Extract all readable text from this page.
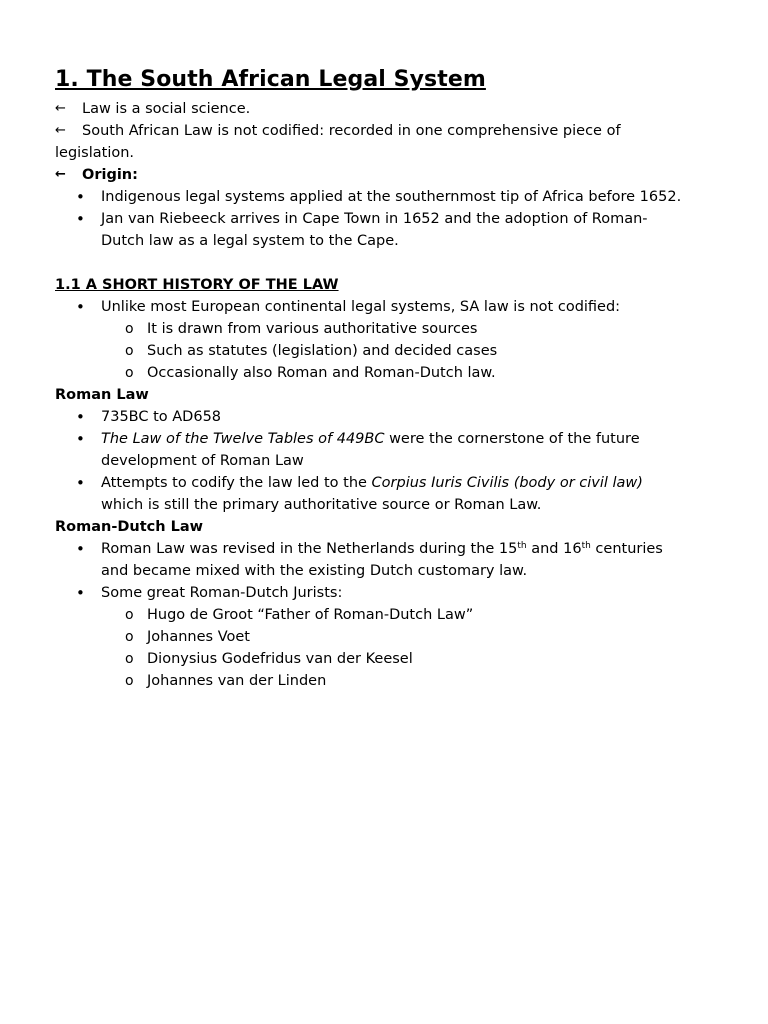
1. The South African Legal System
← Law is a social science.
← South African Law is not codified: recorded in one comprehensive piece of
legislation.
← Origin:
• Indigenous legal systems applied at the southernmost tip of Africa before 1652.
• Jan van Riebeeck arrives in Cape Town in 1652 and the adoption of Roman-
Dutch law as a legal system to the Cape.
1.1 A SHORT HISTORY OF THE LAW
• Unlike most European continental legal systems, SA law is not codified:
o It is drawn from various authoritative sources
o Such as statutes (legislation) and decided cases
o Occasionally also Roman and Roman-Dutch law.
Roman Law
• 735BC to AD658
• The Law of the Twelve Tables of 449BC were the cornerstone of the future
development of Roman Law
• Attempts to codify the law led to the Corpius Iuris Civilis (body or civil law)
which is still the primary authoritative source or Roman Law.
Roman-Dutch Law
• Roman Law was revised in the Netherlands during the 15th and 16th centuries
and became mixed with the existing Dutch customary law.
• Some great Roman-Dutch Jurists:
o Hugo de Groot “Father of Roman-Dutch Law”
o Johannes Voet
o Dionysius Godefridus van der Keesel
o Johannes van der Linden
